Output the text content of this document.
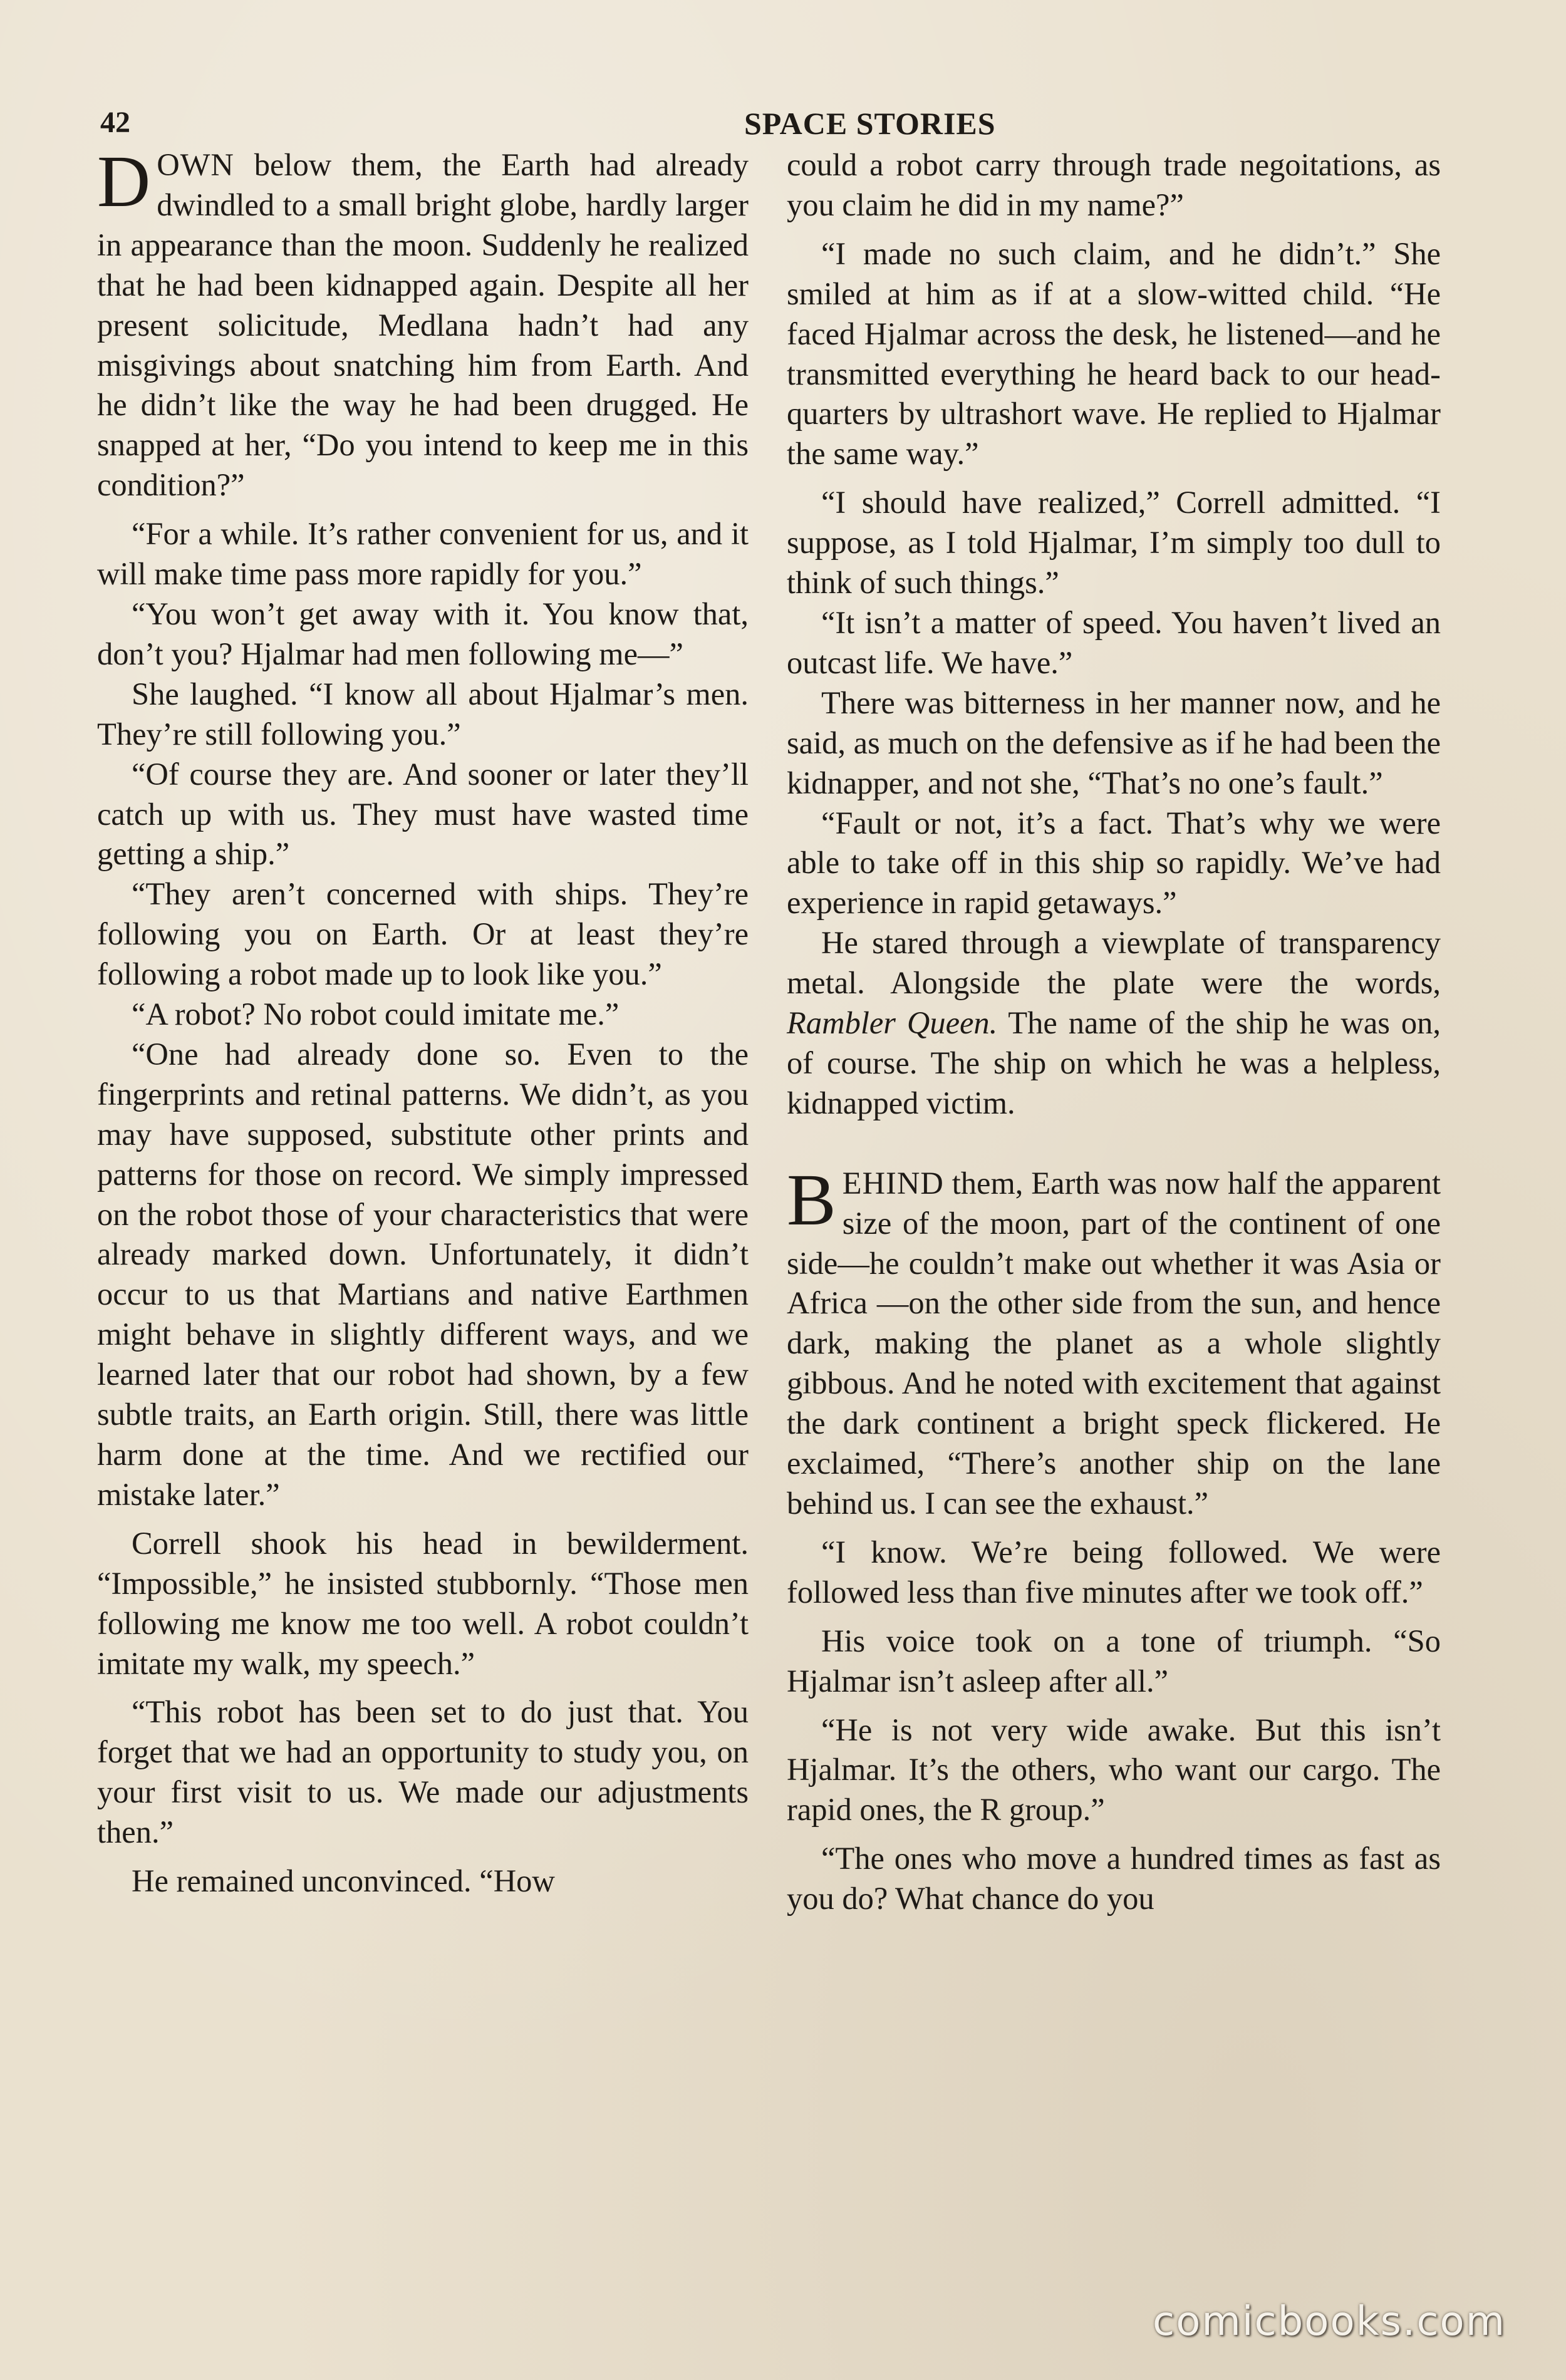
42	SPACE STORIES

DOWN below them, the Earth had already dwindled to a small bright globe, hardly larger in appearance than the moon. Suddenly he realized that he had been kidnapped again. Despite all her present solicitude, Medlana hadn’t had any misgivings about snatching him from Earth. And he didn’t like the way he had been drugged. He snapped at her, “Do you intend to keep me in this condition?”

“For a while. It’s rather convenient for us, and it will make time pass more rapidly for you.”

“You won’t get away with it. You know that, don’t you? Hjalmar had men following me—”

She laughed. “I know all about Hjalmar’s men. They’re still following you.”

“Of course they are. And sooner or later they’ll catch up with us. They must have wasted time getting a ship.”

“They aren’t concerned with ships. They’re following you on Earth. Or at least they’re following a robot made up to look like you.”

“A robot? No robot could imitate me.”

“One had already done so. Even to the fingerprints and retinal patterns. We didn’t, as you may have supposed, substitute other prints and patterns for those on record. We simply impressed on the robot those of your characteristics that were already marked down. Unfortunately, it didn’t occur to us that Martians and native Earthmen might behave in slightly different ways, and we learned later that our robot had shown, by a few subtle traits, an Earth origin. Still, there was little harm done at the time. And we rectified our mistake later.”

Correll shook his head in bewilderment. “Impossible,” he insisted stubbornly. “Those men following me know me too well. A robot couldn’t imitate my walk, my speech.”

“This robot has been set to do just that. You forget that we had an opportunity to study you, on your first visit to us. We made our adjustments then.”

He remained unconvinced. “How

could a robot carry through trade negoitations, as you claim he did in my name?”

“I made no such claim, and he didn’t.” She smiled at him as if at a slow-witted child. “He faced Hjalmar across the desk, he listened—and he transmitted everything he heard back to our headquarters by ultrashort wave. He replied to Hjalmar the same way.”

“I should have realized,” Correll admitted. “I suppose, as I told Hjalmar, I’m simply too dull to think of such things.”

“It isn’t a matter of speed. You haven’t lived an outcast life. We have.”

There was bitterness in her manner now, and he said, as much on the defensive as if he had been the kidnapper, and not she, “That’s no one’s fault.”

“Fault or not, it’s a fact. That’s why we were able to take off in this ship so rapidly. We’ve had experience in rapid getaways.”

He stared through a viewplate of transparency metal. Alongside the plate were the words, Rambler Queen. The name of the ship he was on, of course. The ship on which he was a helpless, kidnapped victim.

BEHIND them, Earth was now half the apparent size of the moon, part of the continent of one side—he couldn’t make out whether it was Asia or Africa —on the other side from the sun, and hence dark, making the planet as a whole slightly gibbous. And he noted with excitement that against the dark continent a bright speck flickered. He exclaimed, “There’s another ship on the lane behind us. I can see the exhaust.”

“I know. We’re being followed. We were followed less than five minutes after we took off.”

His voice took on a tone of triumph. “So Hjalmar isn’t asleep after all.”

“He is not very wide awake. But this isn’t Hjalmar. It’s the others, who want our cargo. The rapid ones, the R group.”

“The ones who move a hundred times as fast as you do? What chance do you

comicbooks.com
